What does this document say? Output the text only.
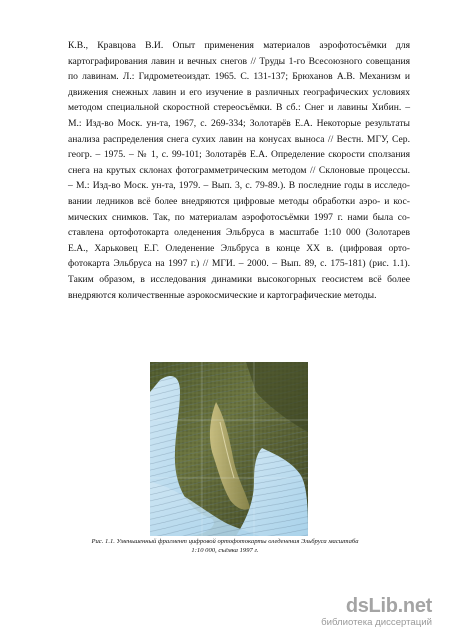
К.В., Кравцова В.И. Опыт применения материалов аэрофотосъёмки для
картографирования лавин и вечных снегов // Труды 1-го Всесоюзного совещания
по лавинам. Л.: Гидрометеоиздат. 1965. С. 131-137; Брюханов А.В. Механизм и
движения снежных лавин и его изучение в различных географических условиях
методом специальной скоростной стереосъёмки. В сб.: Снег и лавины Хибин. –
М.: Изд-во Моск. ун-та, 1967, с. 269-334; Золотарёв Е.А. Некоторые результаты
анализа распределения снега сухих лавин на конусах выноса // Вестн. МГУ, Сер.
геогр. – 1975. – № 1, с. 99-101; Золотарёв Е.А. Определение скорости сползания
снега на крутых склонах фотограмметрическим методом // Склоновые процессы.
– М.: Изд-во Моск. ун-та, 1979. – Вып. 3, с. 79-89.). В последние годы в исследо-
вании ледников всё более внедряются цифровые методы обработки аэро- и кос-
мических снимков. Так, по материалам аэрофотосъёмки 1997 г. нами была со-
ставлена ортофотокарта оледенения Эльбруса в масштабе 1:10 000 (Золотарев
Е.А., Харьковец Е.Г. Оледенение Эльбруса в конце XX в. (цифровая орто-
фотокарта Эльбруса на 1997 г.) // МГИ. – 2000. – Вып. 89, с. 175-181) (рис. 1.1).
Таким образом, в исследования динамики высокогорных геосистем всё более
внедряются количественные аэрокосмические и картографические методы.

Рис. 1.1. Уменьшенный фрагмент цифровой ортофотокарты оледенения Эльбруса масштаба
1:10 000, съёмка 1997 г.

dsLib.net
библиотека диссертаций
